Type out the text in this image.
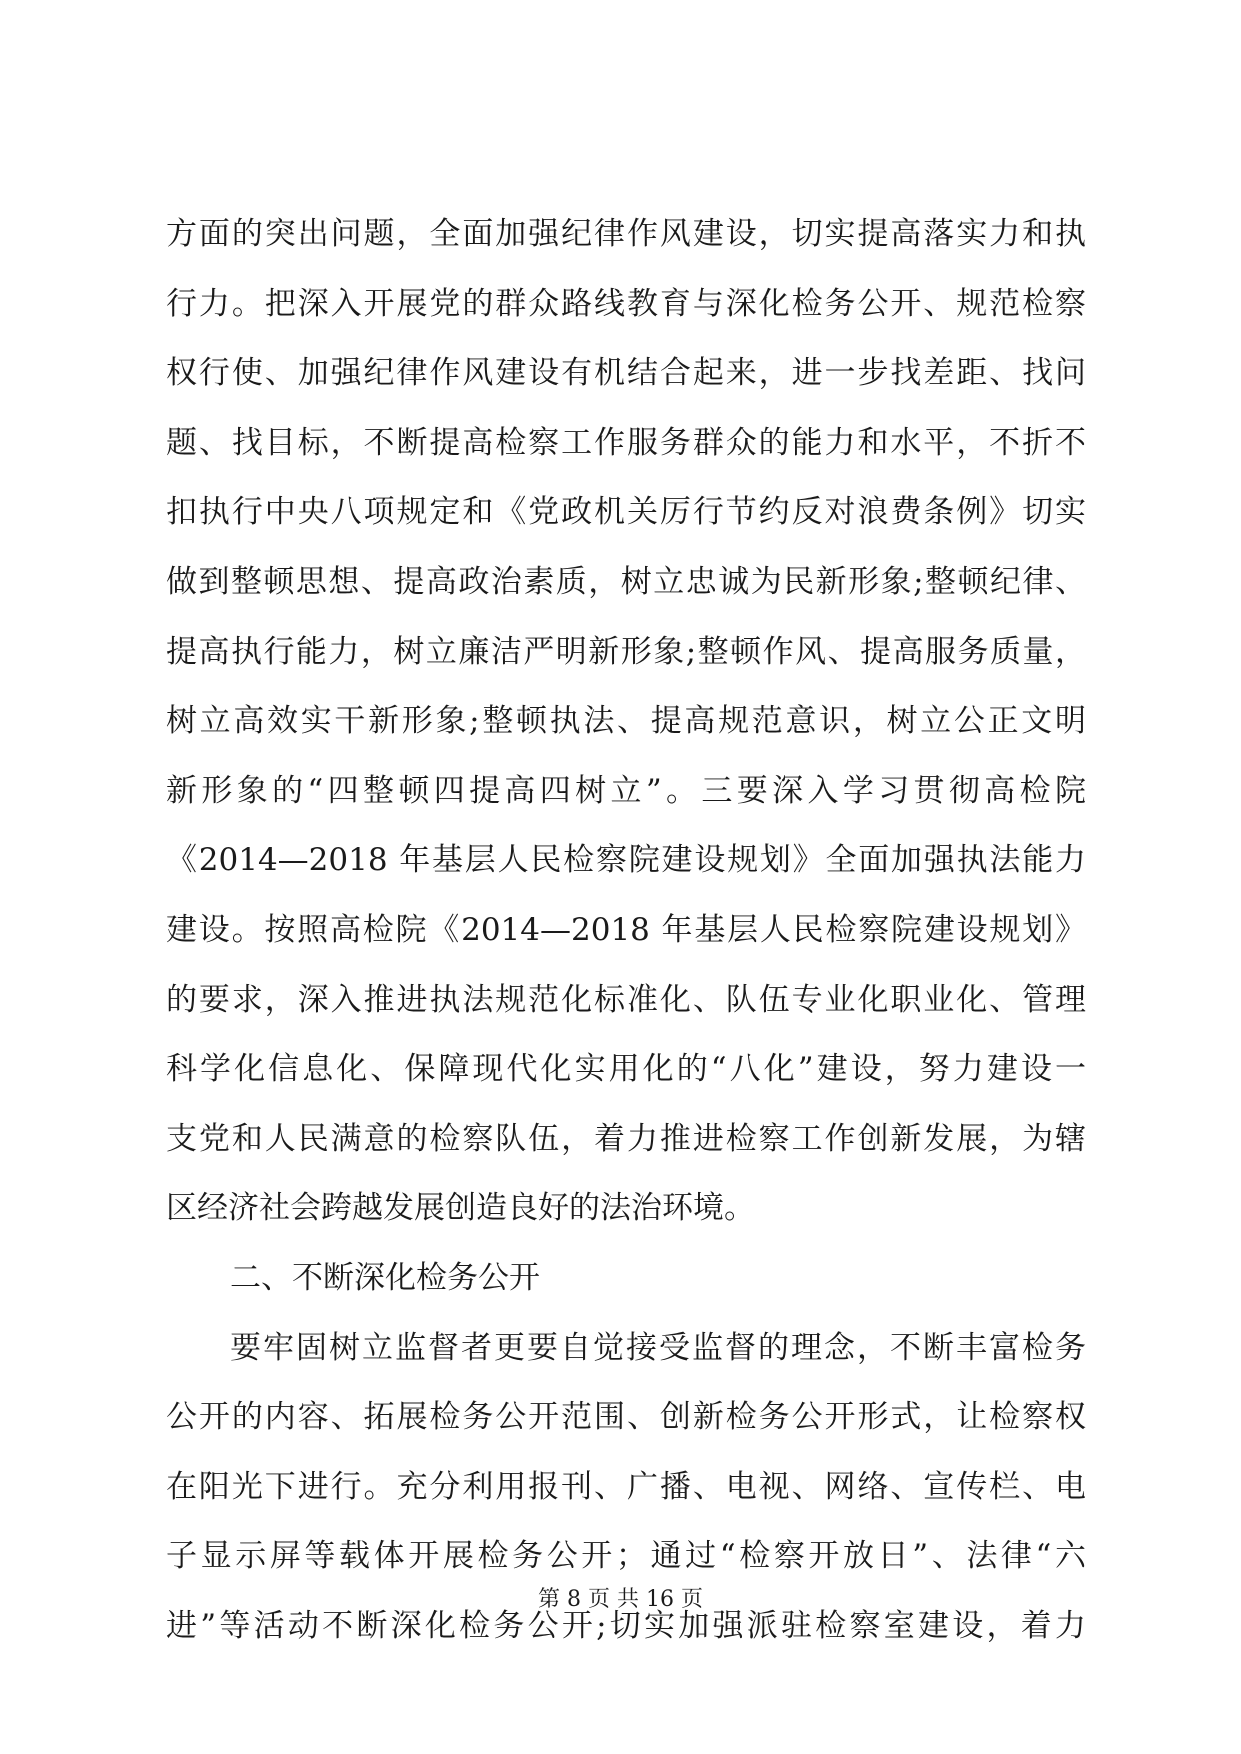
方面的突出问题，全面加强纪律作风建设，切实提高落实力和执
行力。把深入开展党的群众路线教育与深化检务公开、规范检察
权行使、加强纪律作风建设有机结合起来，进一步找差距、找问
题、找目标，不断提高检察工作服务群众的能力和水平，不折不
扣执行中央八项规定和《党政机关厉行节约反对浪费条例》切实
做到整顿思想、提高政治素质，树立忠诚为民新形象;整顿纪律、
提高执行能力，树立廉洁严明新形象;整顿作风、提高服务质量，
树立高效实干新形象;整顿执法、提高规范意识，树立公正文明
新形象的“四整顿四提高四树立”。三要深入学习贯彻高检院
《2014—2018 年基层人民检察院建设规划》全面加强执法能力
建设。按照高检院《2014—2018 年基层人民检察院建设规划》
的要求，深入推进执法规范化标准化、队伍专业化职业化、管理
科学化信息化、保障现代化实用化的“八化”建设，努力建设一
支党和人民满意的检察队伍，着力推进检察工作创新发展，为辖
区经济社会跨越发展创造良好的法治环境。
二、不断深化检务公开
要牢固树立监督者更要自觉接受监督的理念，不断丰富检务
公开的内容、拓展检务公开范围、创新检务公开形式，让检察权
在阳光下进行。充分利用报刊、广播、电视、网络、宣传栏、电
子显示屏等载体开展检务公开；通过“检察开放日”、法律“六
进”等活动不断深化检务公开;切实加强派驻检察室建设，着力
第 8 页 共 16 页
